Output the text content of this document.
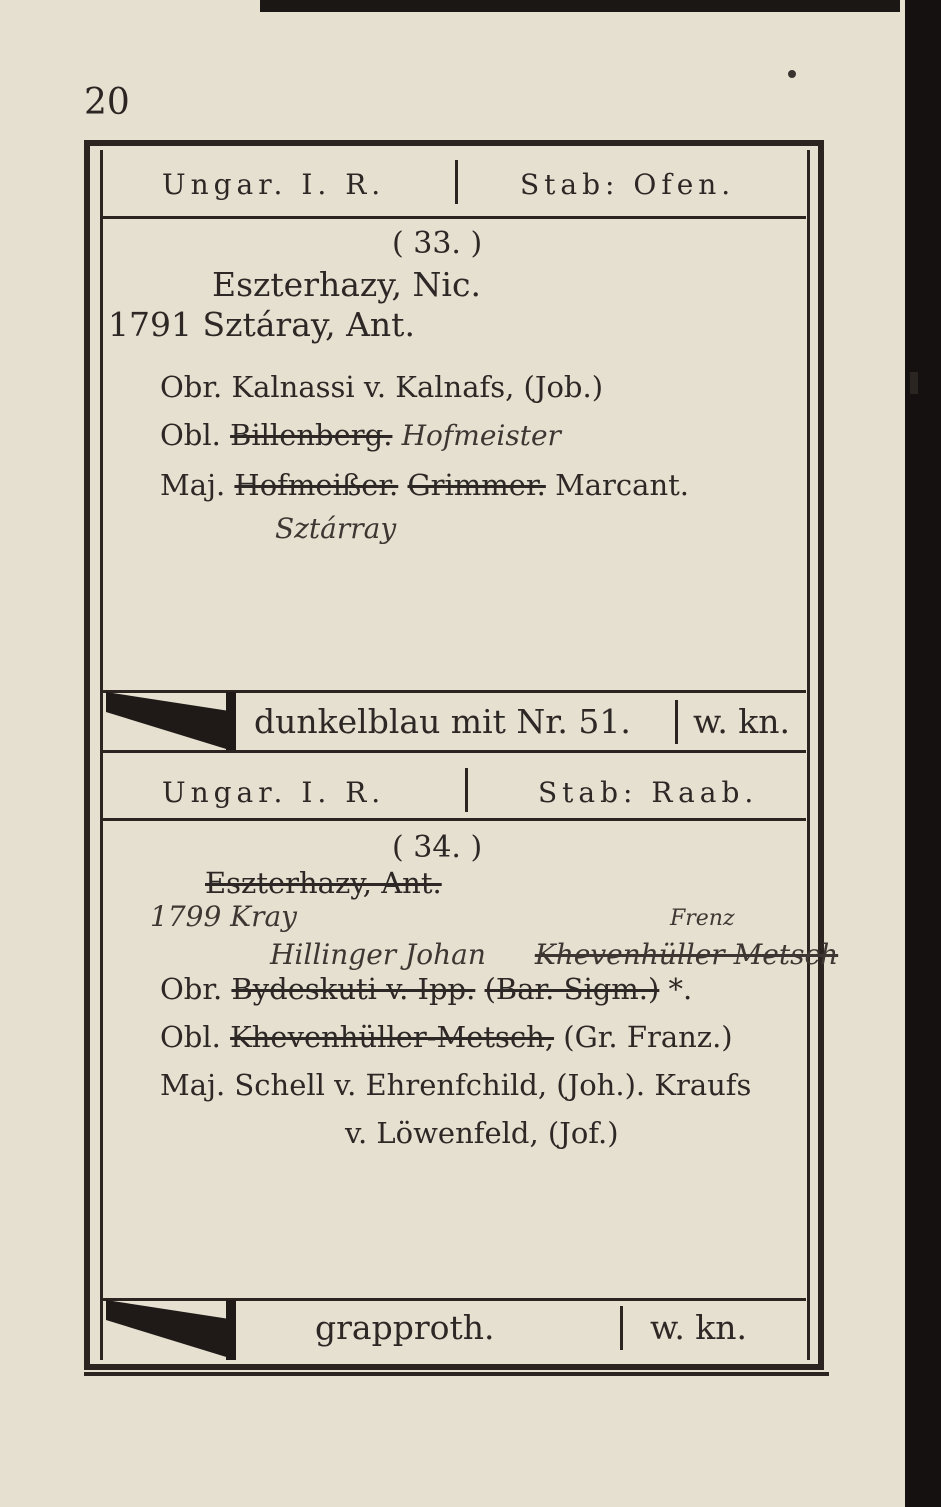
20
Ungar. I. R.	Stab: Ofen.
( 33. )
Eszterhazy, Nic.
1791 Sztáray, Ant.
Obr. Kalnassi v. Kalnafs, (Job.)
Obl. Billenberg. Hofmeister
Maj. Hofmeißer. Grimmer. Marcant.
Sztárray
dunkelblau mit Nr. 51. w. kn.
Ungar. I. R.	Stab: Raab.
( 34. )
Eszterhazy, Ant.
1799 Kray	Frenz
Hillinger Johan Khevenhüller Metsch
Obr. Bydeskuti v. Ipp. (Bar. Sigm.) *.
Obl. Khevenhüller-Metsch, (Gr. Franz.)
Maj. Schell v. Ehrenfchild, (Joh.). Kraufs
v. Löwenfeld, (Jof.)
grapproth.	w. kn.
